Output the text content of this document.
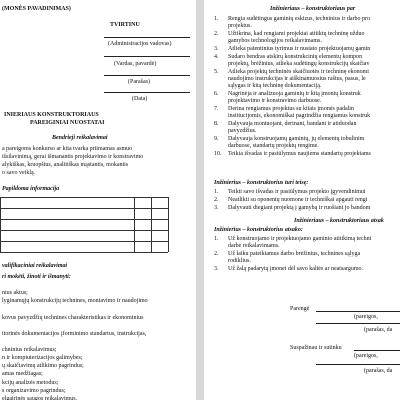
(MONĖS PAVADINIMAS)
TVIRTINU
(Administracijos vadovas)
(Vardas, pavardė)
(Parašas)
(Data)
INIERIAUS KONSTRUKTORIAUS
PAREIGINIAI NUOSTATAI
Bendrieji reikalavimai
a pareigoms konkurso ar kita tvarka priimamas asmuo
išsilavinimą, geraі išmanantis projektavimo ir konstravimo
alykiškas, kruopštus, analitiškas mąstantis, mokantis
o savo veiklą.
Papildoma informacija
valifikaciniai reikalavimai
ri mokėti, žinoti ir išmanyti:
nius aktus;
lyginamųjų konstrukcijų technines, montavimo ir naudojimo
kovus pavyzdžių technines charakteristikas ir ekonominius
itorinės dokumentacijos įforminimo standartus, instrukcijas,
chninius reikalavimus;
n ir kompiuterizacijos galimybes;
ų skaičiavimų atlikimo pagrindus;
amas medžiagas;
kcijų analizės metodus;
s organizavimo pagrindus;
elgairinės saugos reikalavimus.
Inžinieriaus – konstruktoriaus par
1. Rengia sudėtingus gaminių eskizus, techninius ir darbo pro
projektus.
2. Užtikrina, kad rengiami projektai atitiktų techninę užduo
gamybos technologijos reikalavimams.
3. Atlieka patentinius tyrimus ir nustato projektuojamų gamin
4. Sudaro bendras atskirų konstrukcinių elementų kompon
projektų, brėžinius, atlieka sudėtingų konstrukcijų skaičiav
5. Atlieka projektų techninės skaičiuotės ir techninę ekonomi
naudojimo instrukcijas ir aiškinamuosius raštus, pasus, le
sąlygas ir kitą techninę dokumentaciją.
6. Nagrinėja ir analizuoja gaminių ir kitą įmonių konstruk
projektavimo ir konstravimo darbuose.
7. Derina rengiamus projektus su kitais įmonės padalin
institucijomis, ekonomiškai pagrindžia rengiamus konstruk
8. Dalyvauja montuojant, derinant, bandant ir atiduodan
pavyzdžius.
9. Dalyvauja konstruojamų gaminių, jų elementų tobulinim
darbuose, standartų projektų rengime.
10. Teikia išvadas ir pasiūlymus naujiems standartų projektams
Inžinierius – konstruktorius turi teisę:
1. Teikti savo išvadas ir pasiūlymus projekto įgyvendinimui
2. Neatlikti su oponentų nuomone ir techniškai apgauti rengi
3. Dalyvauti diegiant projektą į gamybą ir ruošiant jo bandom
Inžinieriaus – konstruktoriaus atsak
Inžinierius – konstruktorius atsako:
1. Už konstruojamo ir projektuojamo gaminio atitikimą techni
darbe reikalavimams.
2. Už laiku pateiktamus darbo brėžinius, technines sąlyga
rodiklius.
3. Už žalą padarytą įmonei dėl savo kaltės ar neatsargumo.
Parengė
(pareigos,
(parašas, da
Suspažinau ir sutinku
(pareigos,
(parašas, da
